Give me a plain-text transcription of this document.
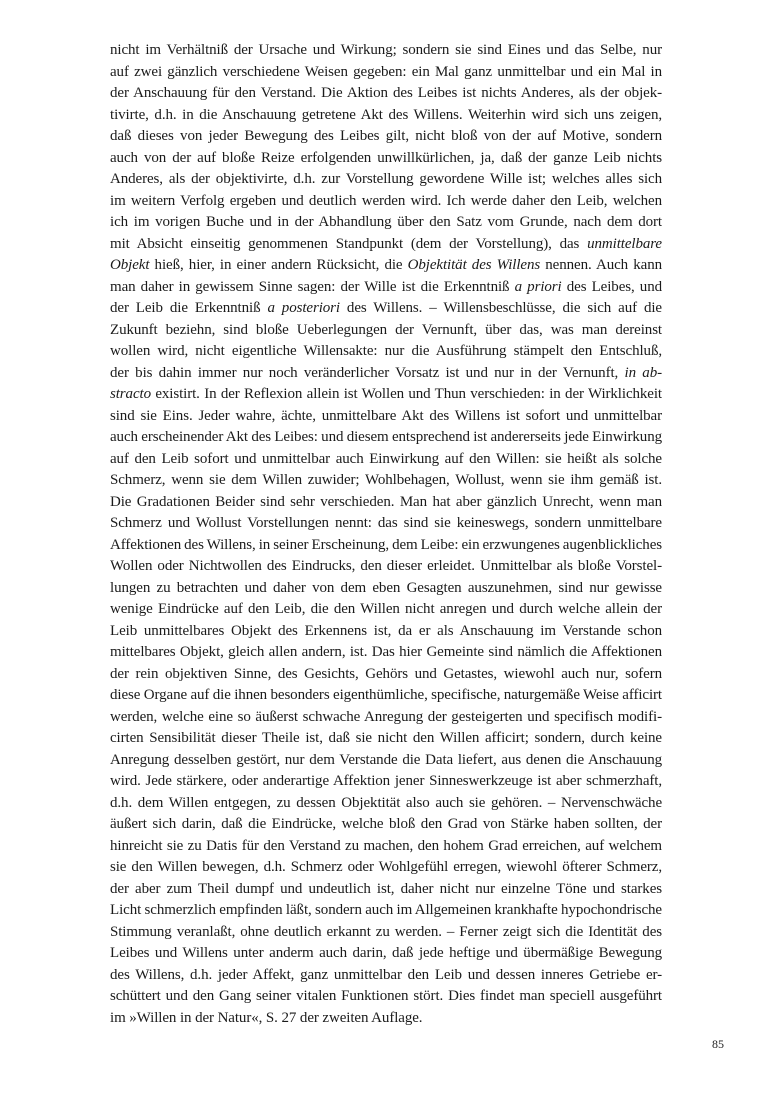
nicht im Verhältniß der Ursache und Wirkung; sondern sie sind Eines und das Selbe, nur
auf zwei gänzlich verschiedene Weisen gegeben: ein Mal ganz unmittelbar und ein Mal in
der Anschauung für den Verstand. Die Aktion des Leibes ist nichts Anderes, als der objek-
tivirte, d.h. in die Anschauung getretene Akt des Willens. Weiterhin wird sich uns zeigen,
daß dieses von jeder Bewegung des Leibes gilt, nicht bloß von der auf Motive, sondern
auch von der auf bloße Reize erfolgenden unwillkürlichen, ja, daß der ganze Leib nichts
Anderes, als der objektivirte, d.h. zur Vorstellung gewordene Wille ist; welches alles sich
im weitern Verfolg ergeben und deutlich werden wird. Ich werde daher den Leib, welchen
ich im vorigen Buche und in der Abhandlung über den Satz vom Grunde, nach dem dort
mit Absicht einseitig genommenen Standpunkt (dem der Vorstellung), das unmittelbare
Objekt hieß, hier, in einer andern Rücksicht, die Objektität des Willens nennen. Auch kann
man daher in gewissem Sinne sagen: der Wille ist die Erkenntniß a priori des Leibes, und
der Leib die Erkenntniß a posteriori des Willens. – Willensbeschlüsse, die sich auf die
Zukunft beziehn, sind bloße Ueberlegungen der Vernunft, über das, was man dereinst
wollen wird, nicht eigentliche Willensakte: nur die Ausführung stämpelt den Entschluß,
der bis dahin immer nur noch veränderlicher Vorsatz ist und nur in der Vernunft, in ab-
stracto existirt. In der Reflexion allein ist Wollen und Thun verschieden: in der Wirklichkeit
sind sie Eins. Jeder wahre, ächte, unmittelbare Akt des Willens ist sofort und unmittelbar
auch erscheinender Akt des Leibes: und diesem entsprechend ist andererseits jede Einwirkung
auf den Leib sofort und unmittelbar auch Einwirkung auf den Willen: sie heißt als solche
Schmerz, wenn sie dem Willen zuwider; Wohlbehagen, Wollust, wenn sie ihm gemäß ist.
Die Gradationen Beider sind sehr verschieden. Man hat aber gänzlich Unrecht, wenn man
Schmerz und Wollust Vorstellungen nennt: das sind sie keineswegs, sondern unmittelbare
Affektionen des Willens, in seiner Erscheinung, dem Leibe: ein erzwungenes augenblickliches
Wollen oder Nichtwollen des Eindrucks, den dieser erleidet. Unmittelbar als bloße Vorstel-
lungen zu betrachten und daher von dem eben Gesagten auszunehmen, sind nur gewisse
wenige Eindrücke auf den Leib, die den Willen nicht anregen und durch welche allein der
Leib unmittelbares Objekt des Erkennens ist, da er als Anschauung im Verstande schon
mittelbares Objekt, gleich allen andern, ist. Das hier Gemeinte sind nämlich die Affektionen
der rein objektiven Sinne, des Gesichts, Gehörs und Getastes, wiewohl auch nur, sofern
diese Organe auf die ihnen besonders eigenthümliche, specifische, naturgemäße Weise afficirt
werden, welche eine so äußerst schwache Anregung der gesteigerten und specifisch modifi-
cirten Sensibilität dieser Theile ist, daß sie nicht den Willen afficirt; sondern, durch keine
Anregung desselben gestört, nur dem Verstande die Data liefert, aus denen die Anschauung
wird. Jede stärkere, oder anderartige Affektion jener Sinneswerkzeuge ist aber schmerzhaft,
d.h. dem Willen entgegen, zu dessen Objektität also auch sie gehören. – Nervenschwäche
äußert sich darin, daß die Eindrücke, welche bloß den Grad von Stärke haben sollten, der
hinreicht sie zu Datis für den Verstand zu machen, den hohem Grad erreichen, auf welchem
sie den Willen bewegen, d.h. Schmerz oder Wohlgefühl erregen, wiewohl öfterer Schmerz,
der aber zum Theil dumpf und undeutlich ist, daher nicht nur einzelne Töne und starkes
Licht schmerzlich empfinden läßt, sondern auch im Allgemeinen krankhafte hypochondrische
Stimmung veranlaßt, ohne deutlich erkannt zu werden. – Ferner zeigt sich die Identität des
Leibes und Willens unter anderm auch darin, daß jede heftige und übermäßige Bewegung
des Willens, d.h. jeder Affekt, ganz unmittelbar den Leib und dessen inneres Getriebe er-
schüttert und den Gang seiner vitalen Funktionen stört. Dies findet man speciell ausgeführt
im »Willen in der Natur«, S. 27 der zweiten Auflage.
85
